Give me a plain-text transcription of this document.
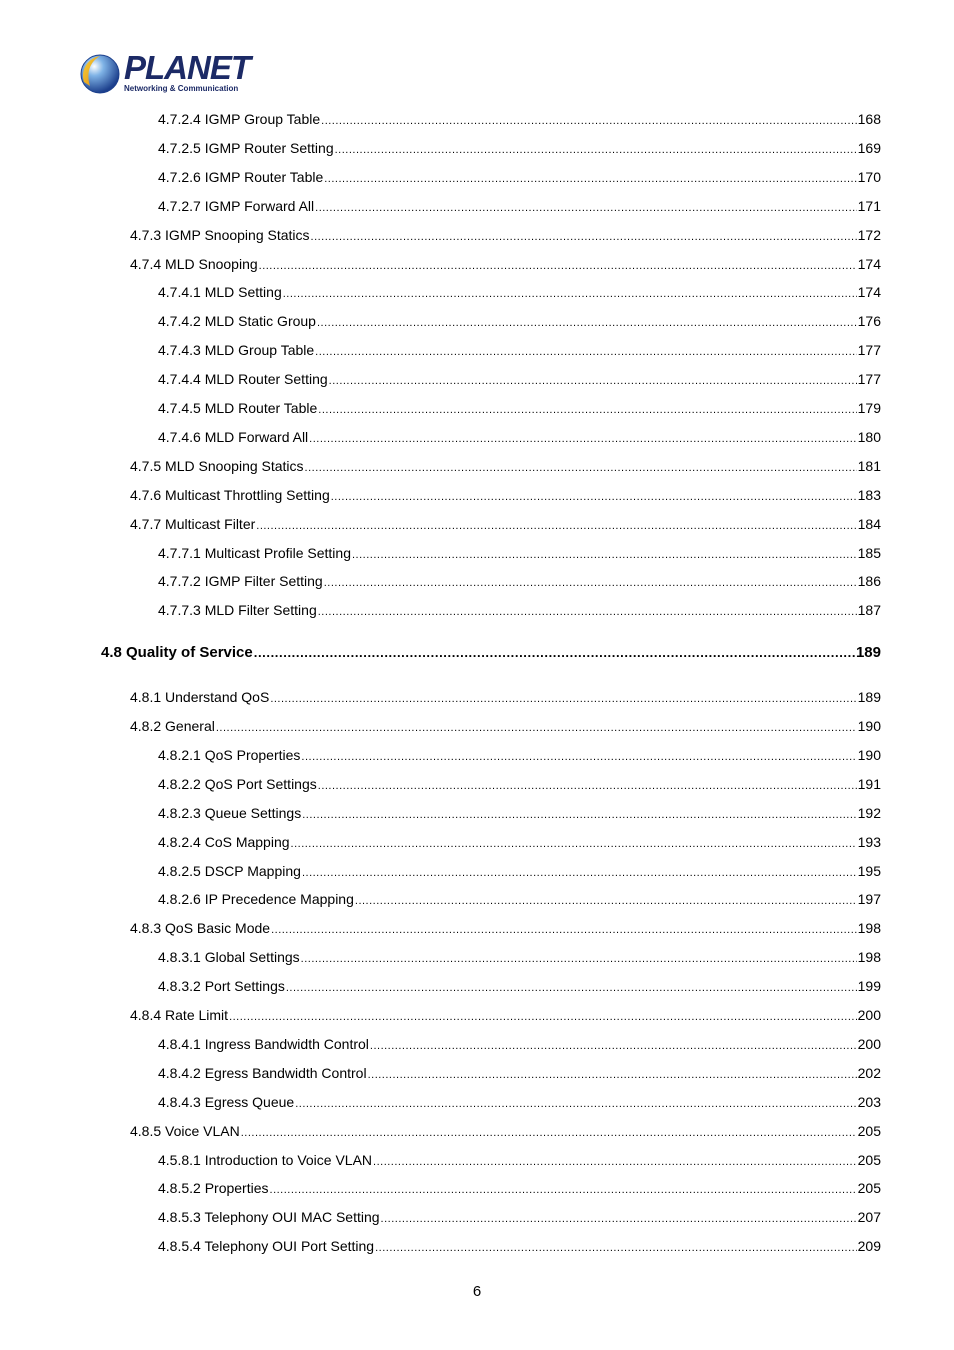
PLANET
Networking & Communication
4.7.2.4 IGMP Group Table .....	168
4.7.2.5 IGMP Router Setting .....	169
4.7.2.6 IGMP Router Table .....	170
4.7.2.7 IGMP Forward All .....	171
4.7.3 IGMP Snooping Statics .....	172
4.7.4 MLD Snooping .....	174
4.7.4.1 MLD Setting .....	174
4.7.4.2 MLD Static Group .....	176
4.7.4.3 MLD Group Table .....	177
4.7.4.4 MLD Router Setting .....	177
4.7.4.5 MLD Router Table .....	179
4.7.4.6 MLD Forward All .....	180
4.7.5 MLD Snooping Statics .....	181
4.7.6 Multicast Throttling Setting .....	183
4.7.7 Multicast Filter .....	184
4.7.7.1 Multicast Profile Setting .....	185
4.7.7.2 IGMP Filter Setting .....	186
4.7.7.3 MLD Filter Setting .....	187
4.8 Quality of Service .....	189
4.8.1 Understand QoS .....	189
4.8.2 General .....	190
4.8.2.1 QoS Properties .....	190
4.8.2.2 QoS Port Settings .....	191
4.8.2.3 Queue Settings .....	192
4.8.2.4 CoS Mapping .....	193
4.8.2.5 DSCP Mapping .....	195
4.8.2.6 IP Precedence Mapping .....	197
4.8.3 QoS Basic Mode .....	198
4.8.3.1 Global Settings .....	198
4.8.3.2 Port Settings .....	199
4.8.4 Rate Limit .....	200
4.8.4.1 Ingress Bandwidth Control .....	200
4.8.4.2 Egress Bandwidth Control .....	202
4.8.4.3 Egress Queue .....	203
4.8.5 Voice VLAN .....	205
4.5.8.1 Introduction to Voice VLAN .....	205
4.8.5.2 Properties .....	205
4.8.5.3 Telephony OUI MAC Setting .....	207
4.8.5.4 Telephony OUI Port Setting .....	209
6
